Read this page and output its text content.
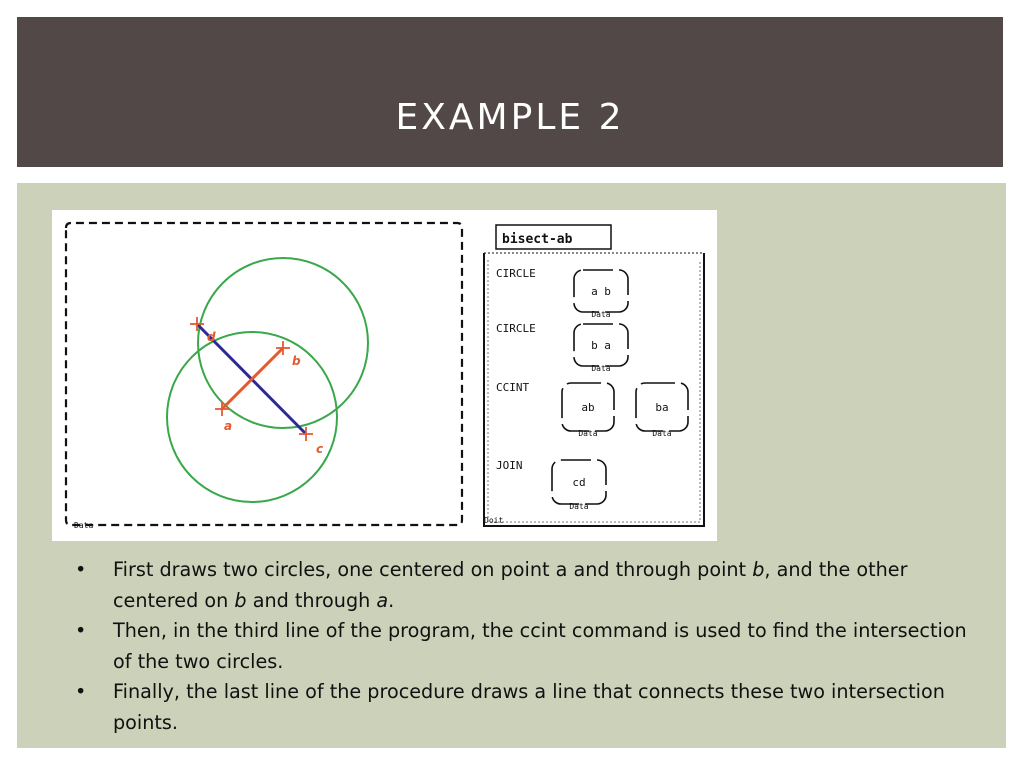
EXAMPLE 2
Data
a
b
c
d
bisect-ab
Doit
CIRCLE
CIRCLE
CCINT
JOIN
a b
Data
b a
Data
ab
Data
ba
Data
cd
Data
• First draws two circles, one centered on point a and through point b, and the other centered on b and through a.
• Then, in the third line of the program, the ccint command is used to find the intersection of the two circles.
• Finally, the last line of the procedure draws a line that connects these two intersection points.
